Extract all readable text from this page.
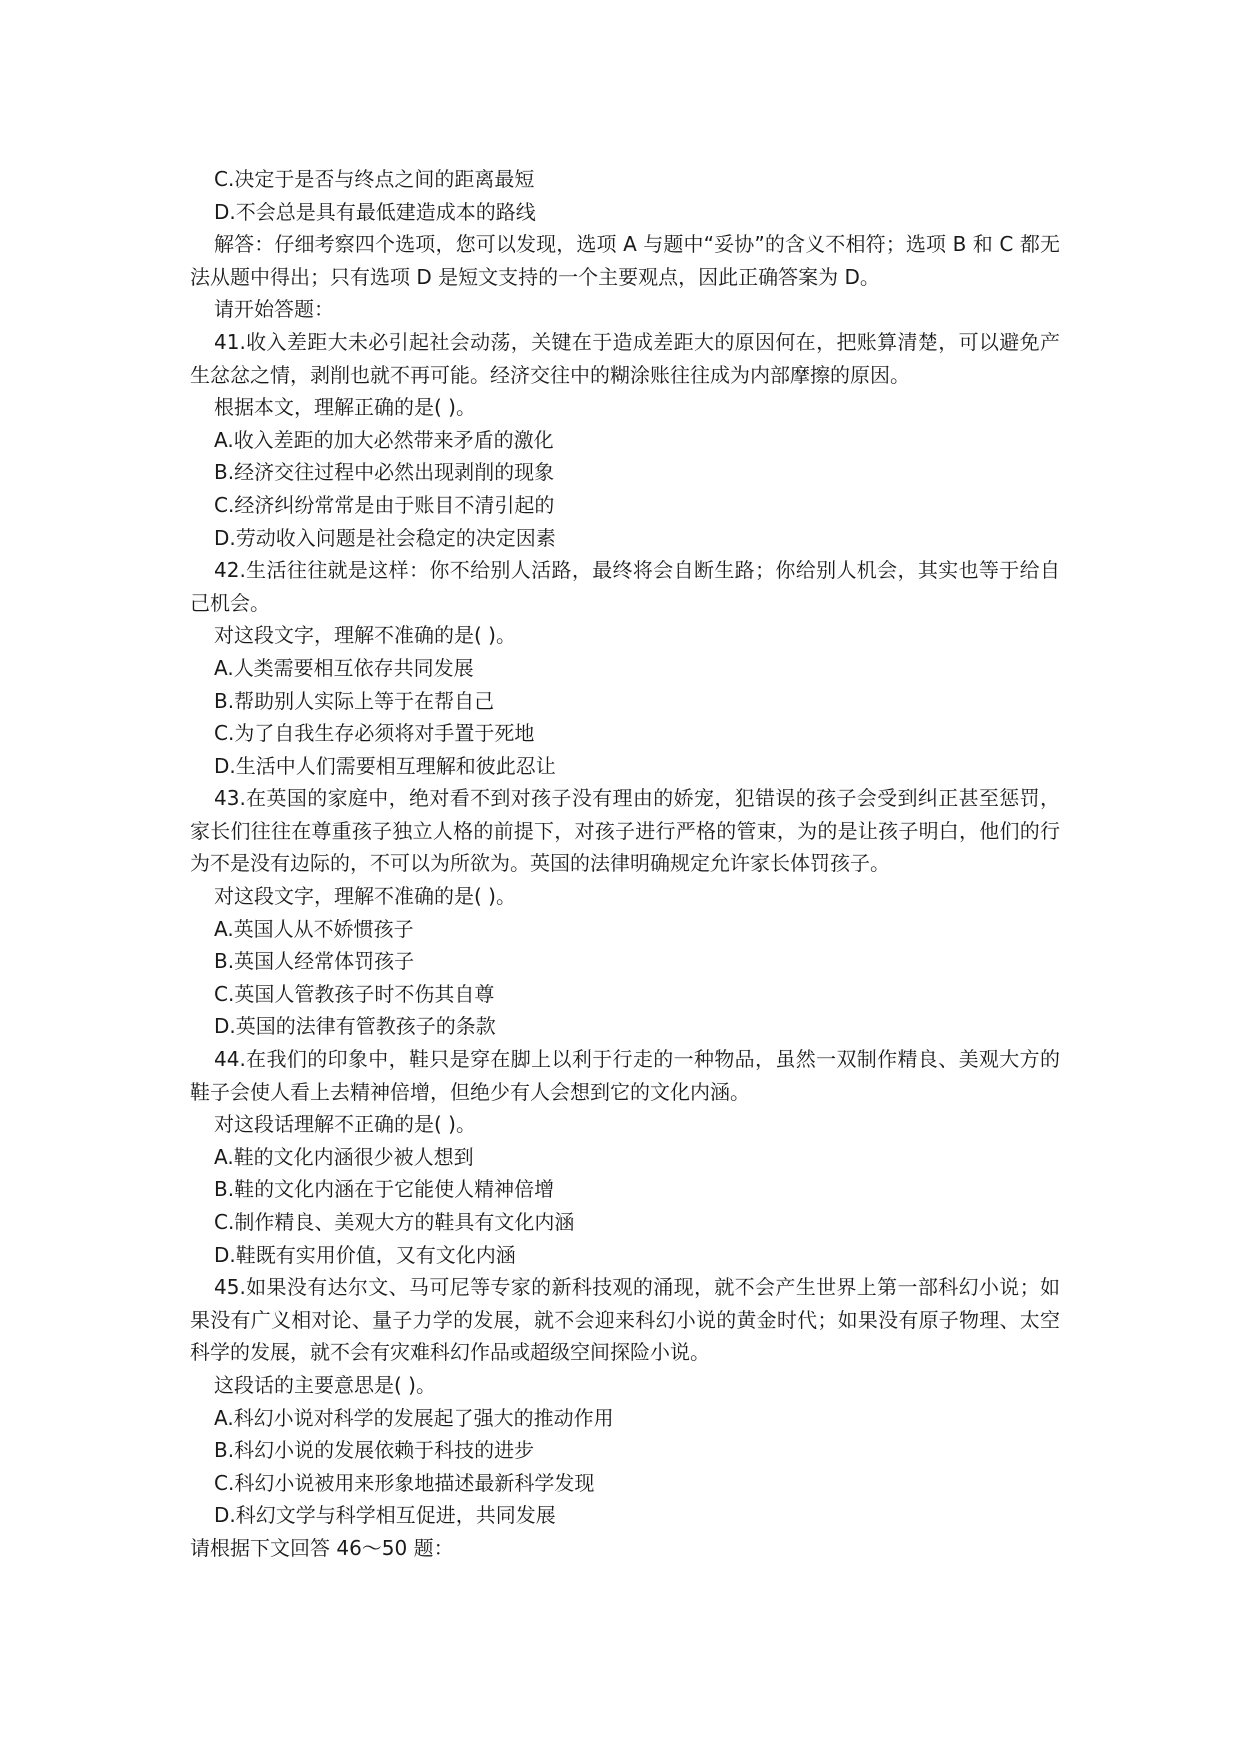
C.决定于是否与终点之间的距离最短
D.不会总是具有最低建造成本的路线
解答：仔细考察四个选项，您可以发现，选项 A 与题中“妥协”的含义不相符；选项 B 和 C 都无法从题中得出；只有选项 D 是短文支持的一个主要观点，因此正确答案为 D。
请开始答题：
41.收入差距大未必引起社会动荡，关键在于造成差距大的原因何在，把账算清楚，可以避免产生忿忿之情，剥削也就不再可能。经济交往中的糊涂账往往成为内部摩擦的原因。
根据本文，理解正确的是( )。
A.收入差距的加大必然带来矛盾的激化
B.经济交往过程中必然出现剥削的现象
C.经济纠纷常常是由于账目不清引起的
D.劳动收入问题是社会稳定的决定因素
42.生活往往就是这样：你不给别人活路，最终将会自断生路；你给别人机会，其实也等于给自己机会。
对这段文字，理解不准确的是( )。
A.人类需要相互依存共同发展
B.帮助别人实际上等于在帮自己
C.为了自我生存必须将对手置于死地
D.生活中人们需要相互理解和彼此忍让
43.在英国的家庭中，绝对看不到对孩子没有理由的娇宠，犯错误的孩子会受到纠正甚至惩罚，家长们往往在尊重孩子独立人格的前提下，对孩子进行严格的管束，为的是让孩子明白，他们的行为不是没有边际的，不可以为所欲为。英国的法律明确规定允许家长体罚孩子。
对这段文字，理解不准确的是( )。
A.英国人从不娇惯孩子
B.英国人经常体罚孩子
C.英国人管教孩子时不伤其自尊
D.英国的法律有管教孩子的条款
44.在我们的印象中，鞋只是穿在脚上以利于行走的一种物品，虽然一双制作精良、美观大方的鞋子会使人看上去精神倍增，但绝少有人会想到它的文化内涵。
对这段话理解不正确的是( )。
A.鞋的文化内涵很少被人想到
B.鞋的文化内涵在于它能使人精神倍增
C.制作精良、美观大方的鞋具有文化内涵
D.鞋既有实用价值，又有文化内涵
45.如果没有达尔文、马可尼等专家的新科技观的涌现，就不会产生世界上第一部科幻小说；如果没有广义相对论、量子力学的发展，就不会迎来科幻小说的黄金时代；如果没有原子物理、太空科学的发展，就不会有灾难科幻作品或超级空间探险小说。
这段话的主要意思是( )。
A.科幻小说对科学的发展起了强大的推动作用
B.科幻小说的发展依赖于科技的进步
C.科幻小说被用来形象地描述最新科学发现
D.科幻文学与科学相互促进，共同发展
请根据下文回答 46～50 题：
